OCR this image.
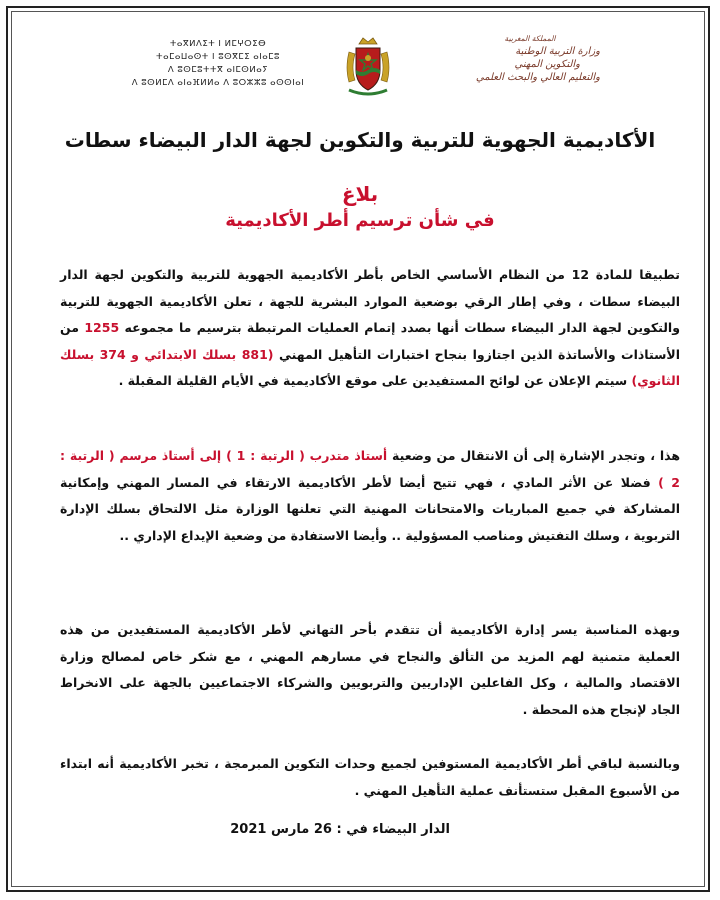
ⵜⴰⴳⵍⴷⵉⵜ ⵏ ⵍⵎⵖⵔⵉⴱ
ⵜⴰⵎⴰⵡⴰⵙⵜ ⵏ ⵓⵙⴳⵎⵉ ⴰⵏⴰⵎⵓ
ⴷ ⵓⵙⵎⵓⵜⵜⴳ ⴰⵏⵎⵙⵍⴰⵢ
ⴷ ⵓⵙⵍⵎⴷ ⴰⵏⴰⴼⵍⵍⴰ ⴷ ⵓⵔⵣⵣⵓ ⴰⵙⵙⵏⴰⵏ
المملكة المغربية
وزارة التربية الوطنية
والتكوين المهني
والتعليم العالي والبحث العلمي
الأكاديمية الجهوية للتربية والتكوين لجهة الدار البيضاء سطات
بلاغ
في شأن ترسيم أطر الأكاديمية
تطبيقا للمادة 12 من النظام الأساسي الخاص بأطر الأكاديمية الجهوية للتربية والتكوين لجهة الدار البيضاء سطات ، وفي إطار الرقي بوضعية الموارد البشرية للجهة ، تعلن الأكاديمية الجهوية للتربية والتكوين لجهة الدار البيضاء سطات أنها بصدد إتمام العمليات المرتبطة بترسيم ما مجموعه 1255 من الأستاذات والأساتذة الذين اجتازوا بنجاح اختبارات التأهيل المهني (881 بسلك الابتدائي و 374 بسلك الثانوي) سيتم الإعلان عن لوائح المستفيدين على موقع الأكاديمية في الأيام القليلة المقبلة .
هذا ، وتجدر الإشارة إلى أن الانتقال من وضعية أستاذ متدرب ( الرتبة : 1 ) إلى أستاذ مرسم ( الرتبة : 2 ) فضلا عن الأثر المادي ، فهي تتيح أيضا لأطر الأكاديمية الارتقاء في المسار المهني وإمكانية المشاركة في جميع المباريات والامتحانات المهنية التي تعلنها الوزارة مثل الالتحاق بسلك الإدارة التربوية ، وسلك التفتيش ومناصب المسؤولية .. وأيضا الاستفادة من وضعية الإيداع الإداري ..
وبهذه المناسبة يسر إدارة الأكاديمية أن تتقدم بأحر التهاني لأطر الأكاديمية المستفيدين من هذه العملية متمنية لهم المزيد من التألق والنجاح في مسارهم المهني ، مع شكر خاص لمصالح وزارة الاقتصاد والمالية ، وكل الفاعلين الإداريين والتربويين والشركاء الاجتماعيين بالجهة على الانخراط الجاد لإنجاح هذه المحطة .
وبالنسبة لباقي أطر الأكاديمية المستوفين لجميع وحدات التكوين المبرمجة ، تخبر الأكاديمية أنه ابتداء من الأسبوع المقبل ستستأنف عملية التأهيل المهني .
الدار البيضاء في : 26 مارس 2021
